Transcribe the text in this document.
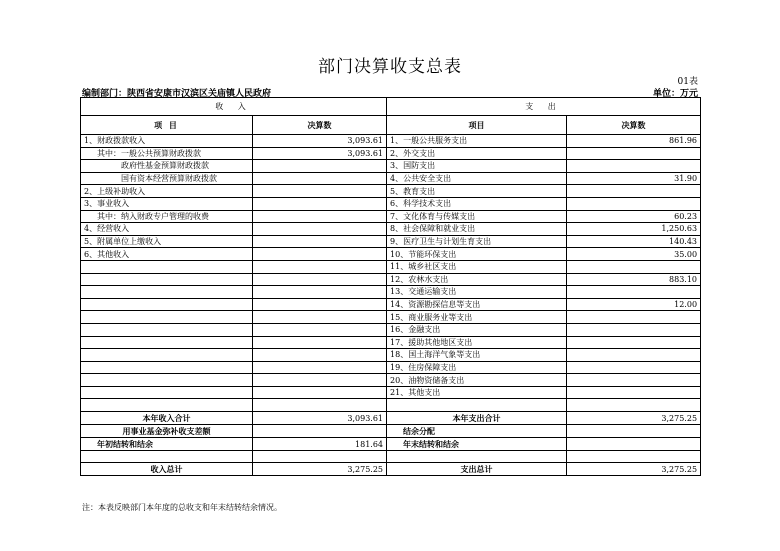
部门决算收支总表
01表
编制部门：陕西省安康市汉滨区关庙镇人民政府	单位：万元
收 入		支 出	
项 目	决算数	项目	决算数
1、财政拨款收入	3,093.61	1、一般公共服务支出	861.96
其中：一般公共预算财政拨款	3,093.61	2、外交支出	
政府性基金预算财政拨款		3、国防支出	
国有资本经营预算财政拨款		4、公共安全支出	31.90
2、上级补助收入		5、教育支出	
3、事业收入		6、科学技术支出	
其中：纳入财政专户管理的收费		7、文化体育与传媒支出	60.23
4、经营收入		8、社会保障和就业支出	1,250.63
5、附属单位上缴收入		9、医疗卫生与计划生育支出	140.43
6、其他收入		10、节能环保支出	35.00
		11、城乡社区支出	
		12、农林水支出	883.10
		13、交通运输支出	
		14、资源勘探信息等支出	12.00
		15、商业服务业等支出	
		16、金融支出	
		17、援助其他地区支出	
		18、国土海洋气象等支出	
		19、住房保障支出	
		20、油物资储备支出	
		21、其他支出	

本年收入合计	3,093.61	本年支出合计	3,275.25
用事业基金弥补收支差额		结余分配	
年初结转和结余	181.64	年末结转和结余	

收入总计	3,275.25	支出总计	3,275.25
注：本表反映部门本年度的总收支和年末结转结余情况。
